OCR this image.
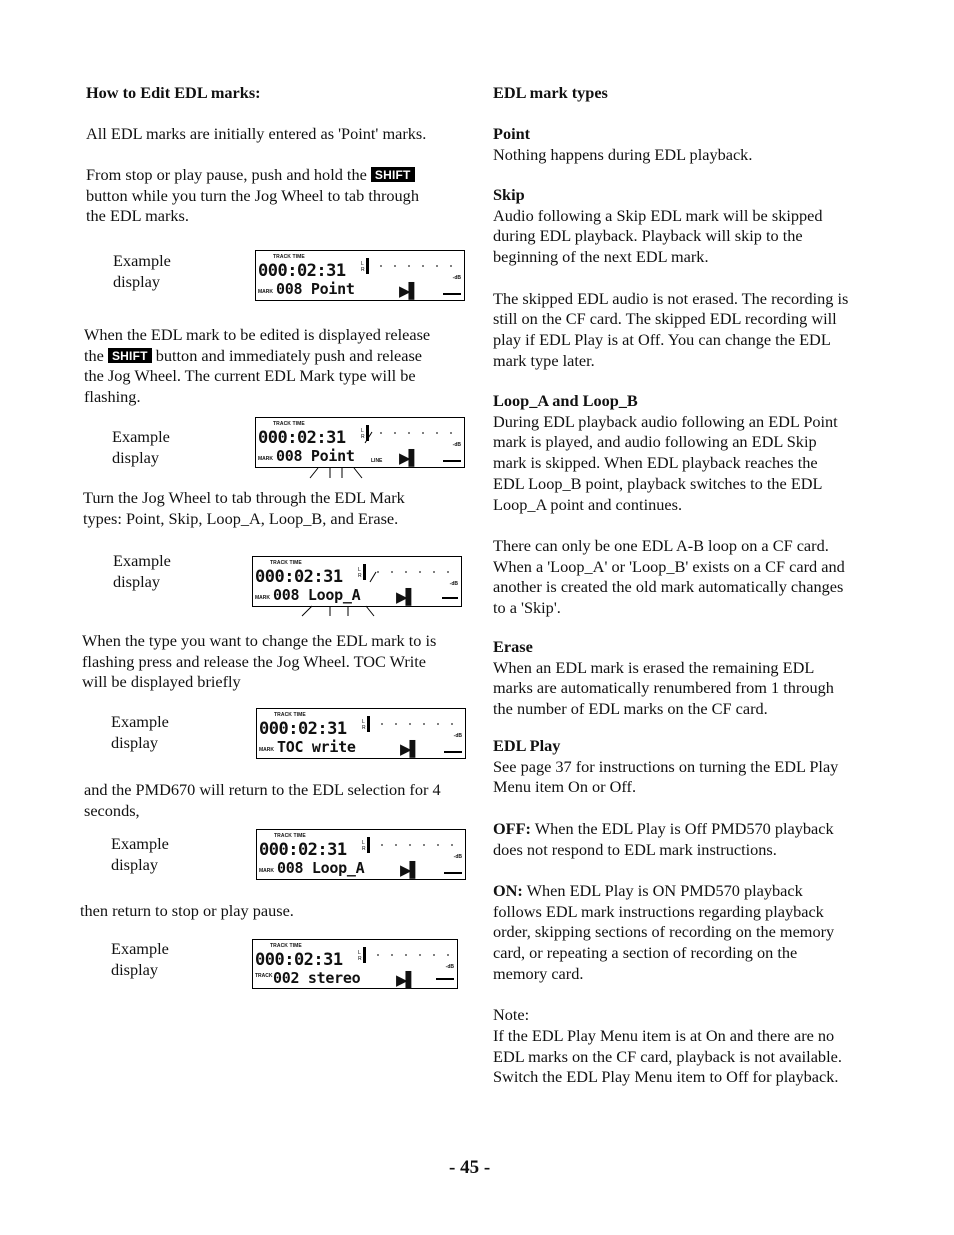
How to Edit EDL marks:
All EDL marks are initially entered as 'Point' marks.
From stop or play pause, push and hold the SHIFT
button while you turn the Jog Wheel to tab through
the EDL marks.
Example
display
TRACK TIME
000:02:31	L
R
-dB
MARK 008 Point	▶▌
When the EDL mark to be edited is displayed release
the SHIFT button and immediately push and release
the Jog Wheel. The current EDL Mark type will be
flashing.
Example
display
TRACK TIME
000:02:31	L
R
-dB
MARK 008 Point	LINE ▶▌
Turn the Jog Wheel to tab through the EDL Mark
types: Point, Skip, Loop_A, Loop_B, and Erase.
Example
display
TRACK TIME
000:02:31	L
R
-dB
MARK 008 Loop_A ▶▌
When the type you want to change the EDL mark to is
flashing press and release the Jog Wheel. TOC Write
will be displayed briefly
Example
display
TRACK TIME
000:02:31	L
R
-dB
MARK TOC write	▶▌
and the PMD670 will return to the EDL selection for 4
seconds,
Example
display
TRACK TIME
000:02:31	L
R
-dB
MARK 008 Loop_A ▶▌
then return to stop or play pause.
Example
display
TRACK TIME
000:02:31	L
R
-dB
TRACK 002 stereo ▶▌
EDL mark types
Point
Nothing happens during EDL playback.
Skip
Audio following a Skip EDL mark will be skipped
during EDL playback. Playback will skip to the
beginning of the next EDL mark.

The skipped EDL audio is not erased. The recording is
still on the CF card. The skipped EDL recording will
play if EDL Play is at Off. You can change the EDL
mark type later.
Loop_A and Loop_B
During EDL playback audio following an EDL Point
mark is played, and audio following an EDL Skip
mark is skipped. When EDL playback reaches the
EDL Loop_B point, playback switches to the EDL
Loop_A point and continues.

There can only be one EDL A-B loop on a CF card.
When a 'Loop_A' or 'Loop_B' exists on a CF card and
another is created the old mark automatically changes
to a 'Skip'.
Erase
When an EDL mark is erased the remaining EDL
marks are automatically renumbered from 1 through
the number of EDL marks on the CF card.
EDL Play
See page 37 for instructions on turning the EDL Play
Menu item On or Off.

OFF: When the EDL Play is Off PMD570 playback
does not respond to EDL mark instructions.

ON: When EDL Play is ON PMD570 playback
follows EDL mark instructions regarding playback
order, skipping sections of recording on the memory
card, or repeating a section of recording on the
memory card.

Note:
If the EDL Play Menu item is at On and there are no
EDL marks on the CF card, playback is not available.
Switch the EDL Play Menu item to Off for playback.
- 45 -
